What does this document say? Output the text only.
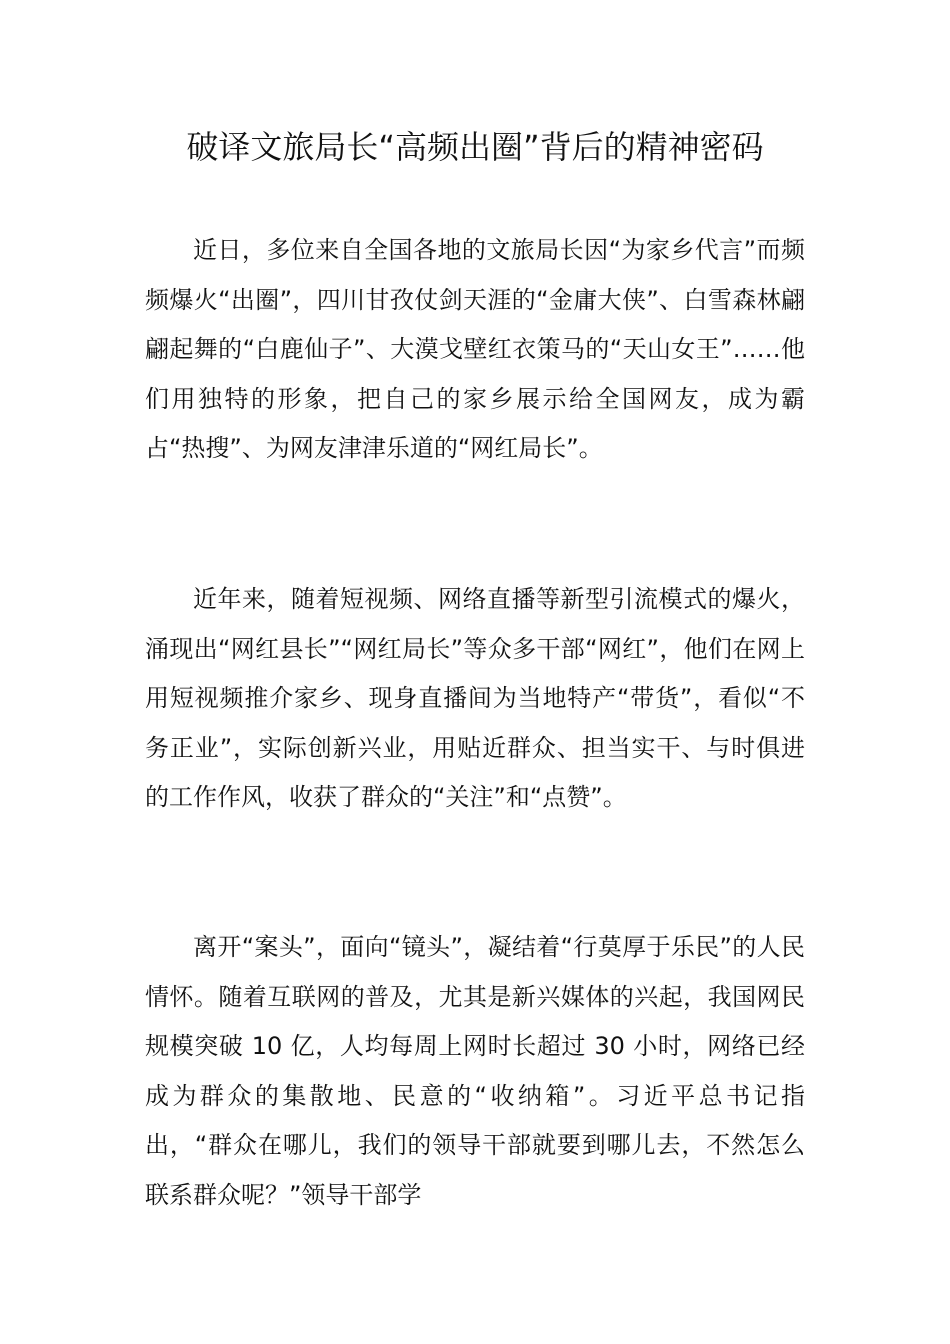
破译文旅局长“高频出圈”背后的精神密码

近日，多位来自全国各地的文旅局长因“为家乡代言”而频频爆火“出圈”，四川甘孜仗剑天涯的“金庸大侠”、白雪森林翩翩起舞的“白鹿仙子”、大漠戈壁红衣策马的“天山女王”……他们用独特的形象，把自己的家乡展示给全国网友，成为霸占“热搜”、为网友津津乐道的“网红局长”。

近年来，随着短视频、网络直播等新型引流模式的爆火，涌现出“网红县长”“网红局长”等众多干部“网红”，他们在网上用短视频推介家乡、现身直播间为当地特产“带货”，看似“不务正业”，实际创新兴业，用贴近群众、担当实干、与时俱进的工作作风，收获了群众的“关注”和“点赞”。

离开“案头”，面向“镜头”，凝结着“行莫厚于乐民”的人民情怀。随着互联网的普及，尤其是新兴媒体的兴起，我国网民规模突破 10 亿，人均每周上网时长超过 30 小时，网络已经成为群众的集散地、民意的“收纳箱”。习近平总书记指出，“群众在哪儿，我们的领导干部就要到哪儿去，不然怎么联系群众呢？”领导干部学
